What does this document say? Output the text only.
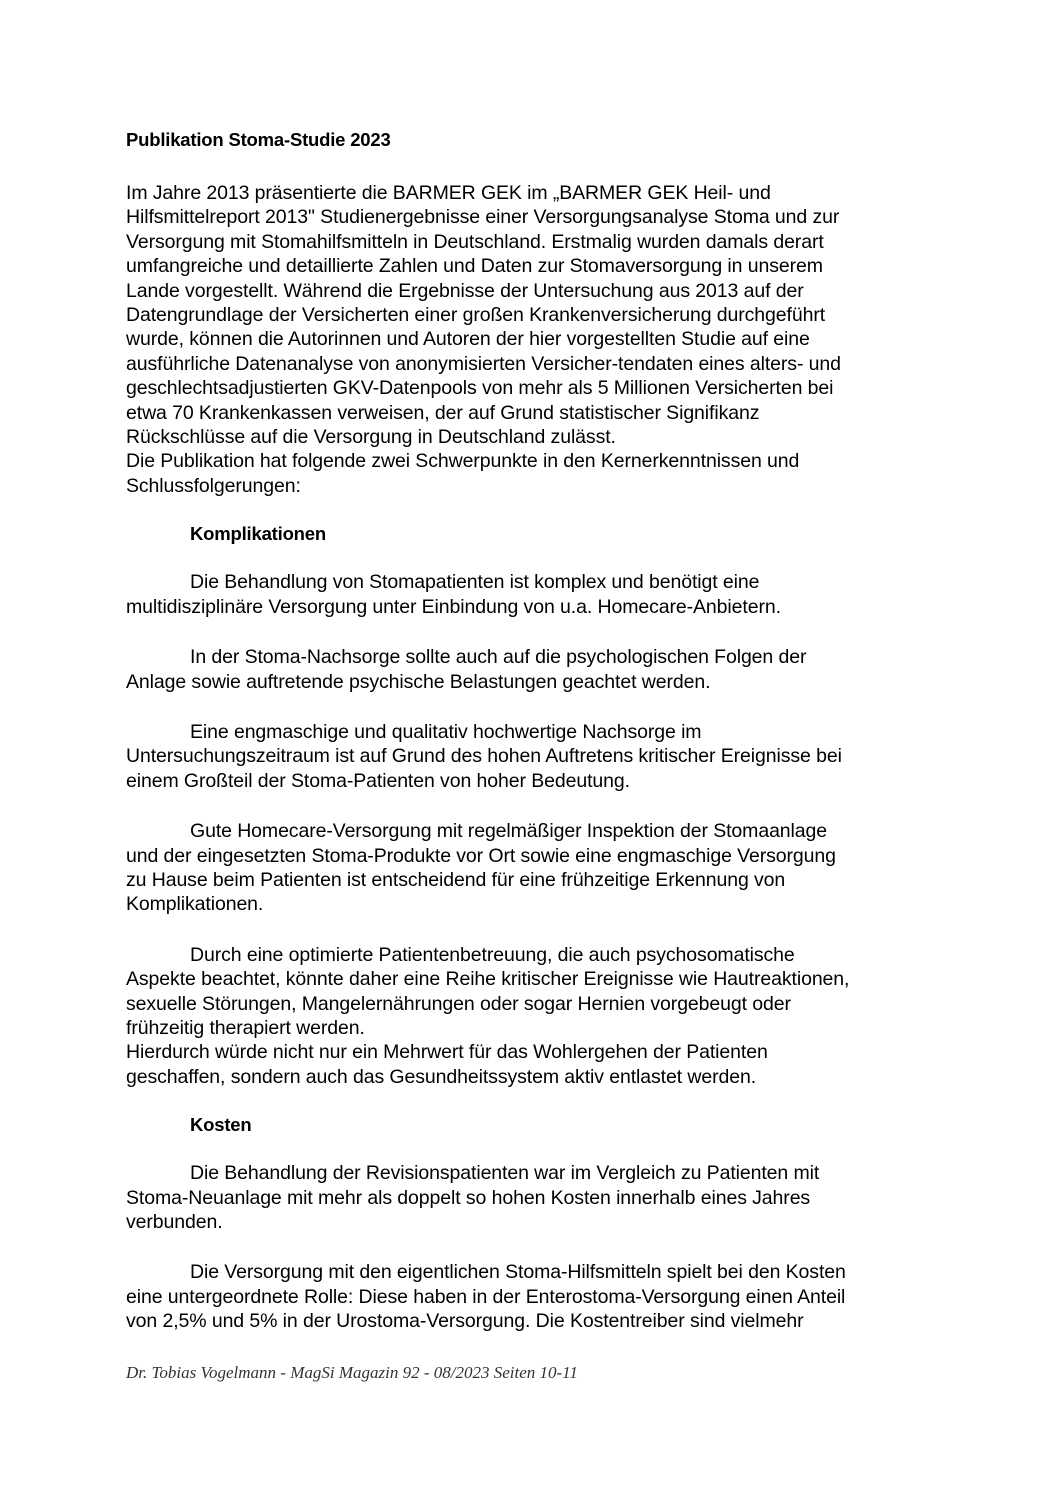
Publikation Stoma-Studie 2023

Im Jahre 2013 präsentierte die BARMER GEK im „BARMER GEK Heil- und
Hilfsmittelreport 2013" Studienergebnisse einer Versorgungsanalyse Stoma und zur
Versorgung mit Stomahilfsmitteln in Deutschland. Erstmalig wurden damals derart
umfangreiche und detaillierte Zahlen und Daten zur Stomaversorgung in unserem
Lande vorgestellt. Während die Ergebnisse der Untersuchung aus 2013 auf der
Datengrundlage der Versicherten einer großen Krankenversicherung durchgeführt
wurde, können die Autorinnen und Autoren der hier vorgestellten Studie auf eine
ausführliche Datenanalyse von anonymisierten Versicher-tendaten eines alters- und
geschlechtsadjustierten GKV-Datenpools von mehr als 5 Millionen Versicherten bei
etwa 70 Krankenkassen verweisen, der auf Grund statistischer Signifikanz
Rückschlüsse auf die Versorgung in Deutschland zulässt.
Die Publikation hat folgende zwei Schwerpunkte in den Kernerkenntnissen und
Schlussfolgerungen:

Komplikationen

Die Behandlung von Stomapatienten ist komplex und benötigt eine
multidisziplinäre Versorgung unter Einbindung von u.a. Homecare-Anbietern.

In der Stoma-Nachsorge sollte auch auf die psychologischen Folgen der
Anlage sowie auftretende psychische Belastungen geachtet werden.

Eine engmaschige und qualitativ hochwertige Nachsorge im
Untersuchungszeitraum ist auf Grund des hohen Auftretens kritischer Ereignisse bei
einem Großteil der Stoma-Patienten von hoher Bedeutung.

Gute Homecare-Versorgung mit regelmäßiger Inspektion der Stomaanlage
und der eingesetzten Stoma-Produkte vor Ort sowie eine engmaschige Versorgung
zu Hause beim Patienten ist entscheidend für eine frühzeitige Erkennung von
Komplikationen.

Durch eine optimierte Patientenbetreuung, die auch psychosomatische
Aspekte beachtet, könnte daher eine Reihe kritischer Ereignisse wie Hautreaktionen,
sexuelle Störungen, Mangelernährungen oder sogar Hernien vorgebeugt oder
frühzeitig therapiert werden.
Hierdurch würde nicht nur ein Mehrwert für das Wohlergehen der Patienten
geschaffen, sondern auch das Gesundheitssystem aktiv entlastet werden.

Kosten

Die Behandlung der Revisionspatienten war im Vergleich zu Patienten mit
Stoma-Neuanlage mit mehr als doppelt so hohen Kosten innerhalb eines Jahres
verbunden.

Die Versorgung mit den eigentlichen Stoma-Hilfsmitteln spielt bei den Kosten
eine untergeordnete Rolle: Diese haben in der Enterostoma-Versorgung einen Anteil
von 2,5% und 5% in der Urostoma-Versorgung. Die Kostentreiber sind vielmehr

Dr. Tobias Vogelmann - MagSi Magazin 92 - 08/2023 Seiten 10-11
